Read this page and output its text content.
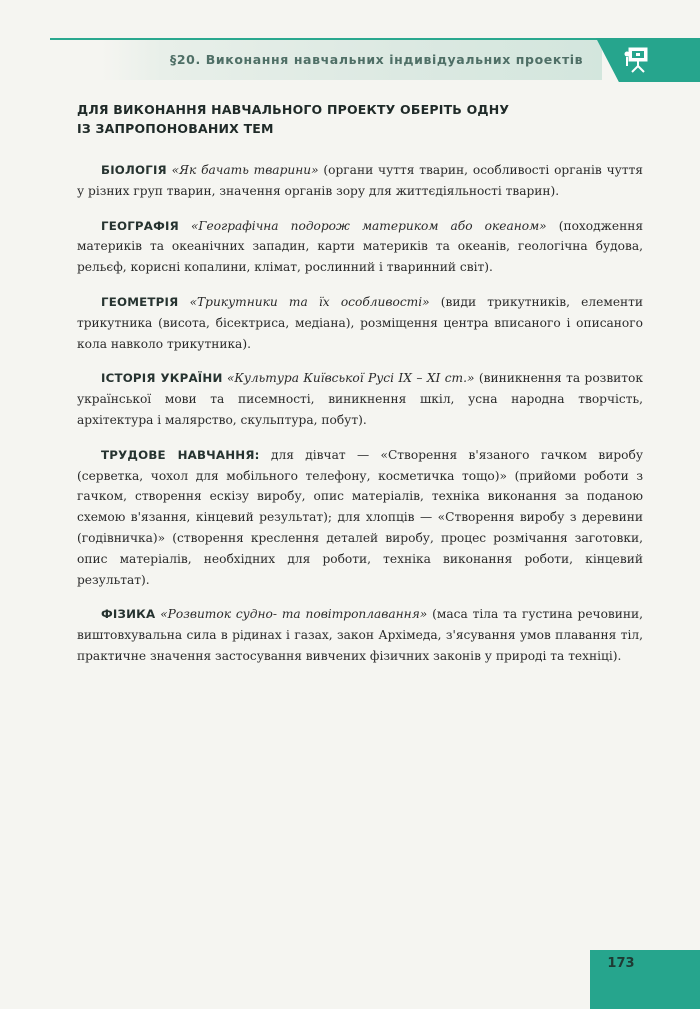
§20. Виконання навчальних індивідуальних проектів
ДЛЯ ВИКОНАННЯ НАВЧАЛЬНОГО ПРОЕКТУ ОБЕРІТЬ ОДНУ
ІЗ ЗАПРОПОНОВАНИХ ТЕМ

БІОЛОГІЯ «Як бачать тварини» (органи чуття тварин, особливості органів чуття у різних груп тварин, значення органів зору для життєдіяльності тварин).

ГЕОГРАФІЯ «Географічна подорож материком або океаном» (походження материків та океанічних западин, карти материків та океанів, геологічна будова, рельєф, корисні копалини, клімат, рослинний і тваринний світ).

ГЕОМЕТРІЯ «Трикутники та їх особливості» (види трикутників, елементи трикутника (висота, бісектриса, медіана), розміщення центра вписаного і описаного кола навколо трикутника).

ІСТОРІЯ УКРАЇНИ «Культура Київської Русі IX – XI ст.» (виникнення та розвиток української мови та писемності, виникнення шкіл, усна народна творчість, архітектура і малярство, скульптура, побут).

ТРУДОВЕ НАВЧАННЯ: для дівчат — «Створення в'язаного гачком виробу (серветка, чохол для мобільного телефону, косметичка тощо)» (прийоми роботи з гачком, створення ескізу виробу, опис матеріалів, техніка виконання за поданою схемою в'язання, кінцевий результат); для хлопців — «Створення виробу з деревини (годівничка)» (створення креслення деталей виробу, процес розмічання заготовки, опис матеріалів, необхідних для роботи, техніка виконання роботи, кінцевий результат).

ФІЗИКА «Розвиток судно- та повітроплавання» (маса тіла та густина речовини, виштовхувальна сила в рідинах і газах, закон Архімеда, з'ясування умов плавання тіл, практичне значення застосування вивчених фізичних законів у природі та техніці).

173
